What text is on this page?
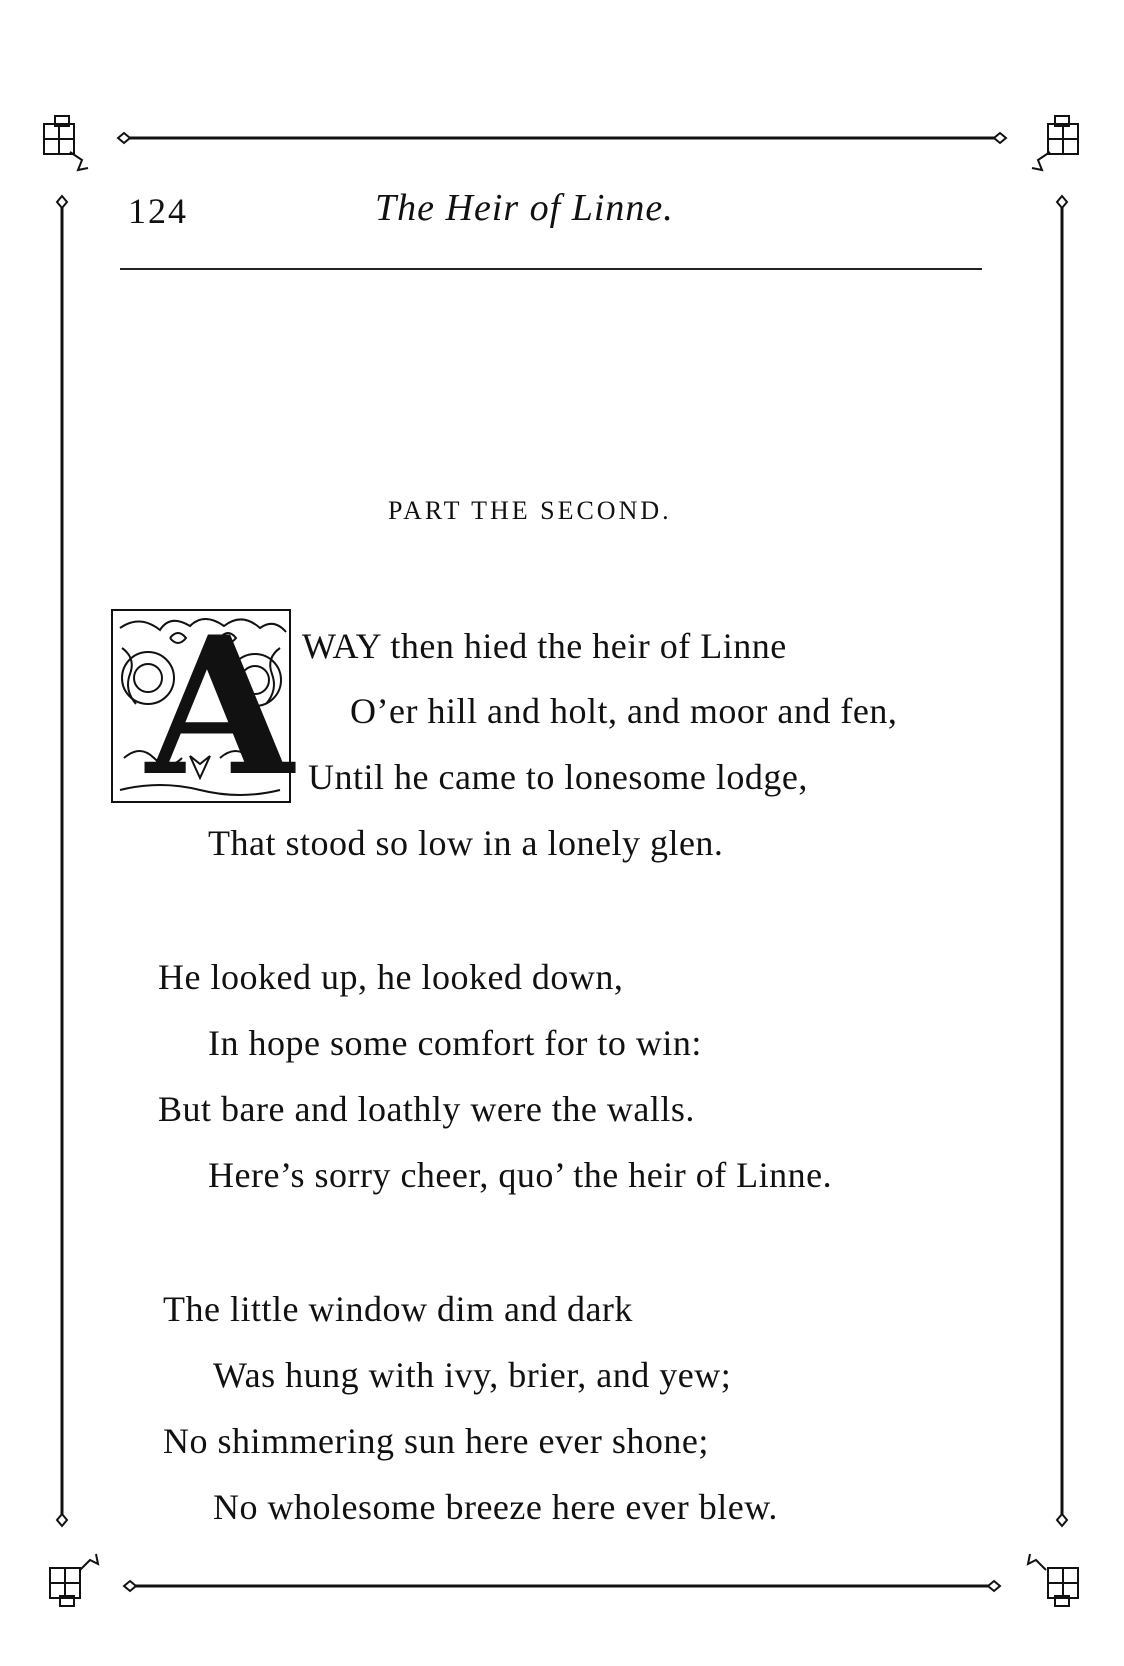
124	The Heir of Linne.
PART THE SECOND.
A WAY then hied the heir of Linne
O’er hill and holt, and moor and fen,
Until he came to lonesome lodge,
That stood so low in a lonely glen.
He looked up, he looked down,
In hope some comfort for to win:
But bare and loathly were the walls.
Here’s sorry cheer, quo’ the heir of Linne.
The little window dim and dark
Was hung with ivy, brier, and yew;
No shimmering sun here ever shone;
No wholesome breeze here ever blew.
